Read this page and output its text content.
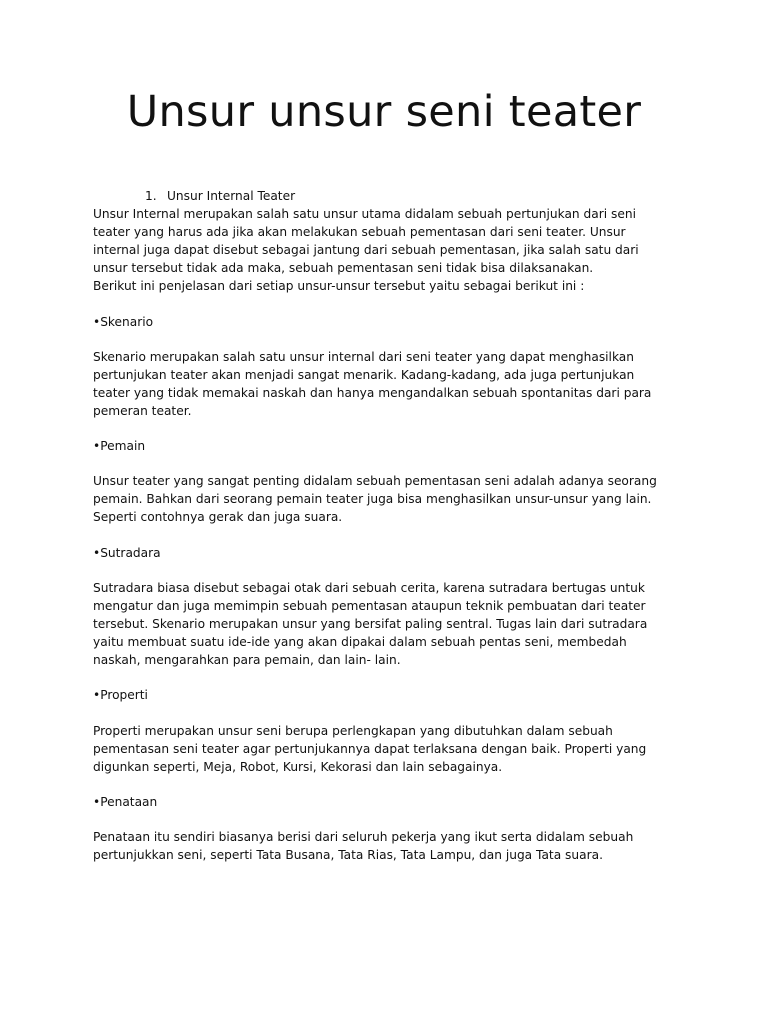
Unsur unsur seni teater
1. Unsur Internal Teater

Unsur Internal merupakan salah satu unsur utama didalam sebuah pertunjukan dari seni

teater yang harus ada jika akan melakukan sebuah pementasan dari seni teater. Unsur

internal juga dapat disebut sebagai jantung dari sebuah pementasan, jika salah satu dari

unsur tersebut tidak ada maka, sebuah pementasan seni tidak bisa dilaksanakan.

Berikut ini penjelasan dari setiap unsur-unsur tersebut yaitu sebagai berikut ini :

•Skenario

Skenario merupakan salah satu unsur internal dari seni teater yang dapat menghasilkan

pertunjukan teater akan menjadi sangat menarik. Kadang-kadang, ada juga pertunjukan

teater yang tidak memakai naskah dan hanya mengandalkan sebuah spontanitas dari para

pemeran teater.

•Pemain

Unsur teater yang sangat penting didalam sebuah pementasan seni adalah adanya seorang

pemain. Bahkan dari seorang pemain teater juga bisa menghasilkan unsur-unsur yang lain.

Seperti contohnya gerak dan juga suara.

•Sutradara

Sutradara biasa disebut sebagai otak dari sebuah cerita, karena sutradara bertugas untuk

mengatur dan juga memimpin sebuah pementasan ataupun teknik pembuatan dari teater

tersebut. Skenario merupakan unsur yang bersifat paling sentral. Tugas lain dari sutradara

yaitu membuat suatu ide-ide yang akan dipakai dalam sebuah pentas seni, membedah

naskah, mengarahkan para pemain, dan lain- lain.

•Properti

Properti merupakan unsur seni berupa perlengkapan yang dibutuhkan dalam sebuah

pementasan seni teater agar pertunjukannya dapat terlaksana dengan baik. Properti yang

digunkan seperti, Meja, Robot, Kursi, Kekorasi dan lain sebagainya.

•Penataan

Penataan itu sendiri biasanya berisi dari seluruh pekerja yang ikut serta didalam sebuah

pertunjukkan seni, seperti Tata Busana, Tata Rias, Tata Lampu, dan juga Tata suara.
